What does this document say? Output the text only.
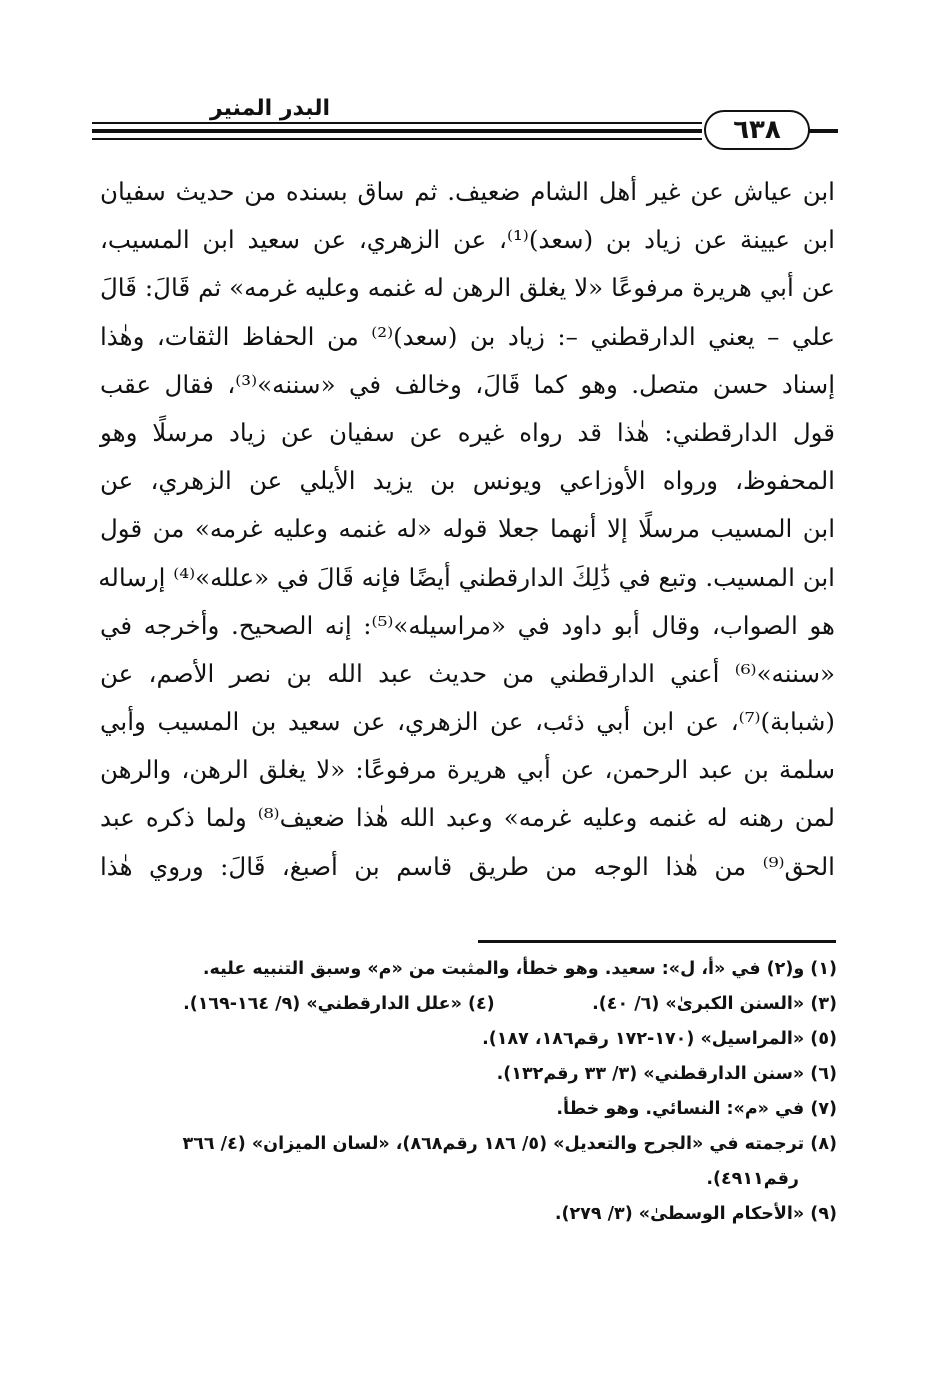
البدر المنير
٦٣٨
ابن عياش عن غير أهل الشام ضعيف. ثم ساق بسنده من حديث سفيان
ابن عيينة عن زياد بن (سعد)⁽¹⁾، عن الزهري، عن سعيد ابن المسيب،
عن أبي هريرة مرفوعًا «لا يغلق الرهن له غنمه وعليه غرمه» ثم قَالَ: قَالَ
علي – يعني الدارقطني –: زياد بن (سعد)⁽²⁾ من الحفاظ الثقات، وهٰذا
إسناد حسن متصل. وهو كما قَالَ، وخالف في «سننه»⁽³⁾، فقال عقب
قول الدارقطني: هٰذا قد رواه غيره عن سفيان عن زياد مرسلًا وهو
المحفوظ، ورواه الأوزاعي ويونس بن يزيد الأيلي عن الزهري، عن
ابن المسيب مرسلًا إلا أنهما جعلا قوله «له غنمه وعليه غرمه» من قول
ابن المسيب. وتبع في ذَٰلِكَ الدارقطني أيضًا فإنه قَالَ في «علله»⁽⁴⁾ إرساله
هو الصواب، وقال أبو داود في «مراسيله»⁽⁵⁾: إنه الصحيح. وأخرجه في
«سننه»⁽⁶⁾ أعني الدارقطني من حديث عبد الله بن نصر الأصم، عن
(شبابة)⁽⁷⁾، عن ابن أبي ذئب، عن الزهري، عن سعيد بن المسيب وأبي
سلمة بن عبد الرحمن، عن أبي هريرة مرفوعًا: «لا يغلق الرهن، والرهن
لمن رهنه له غنمه وعليه غرمه» وعبد الله هٰذا ضعيف⁽⁸⁾ ولما ذكره عبد
الحق⁽⁹⁾ من هٰذا الوجه من طريق قاسم بن أصبغ، قَالَ: وروي هٰذا
(١) و(٢) في «أ، ل»: سعيد. وهو خطأ، والمثبت من «م» وسبق التنبيه عليه.
(٣) «السنن الكبرىٰ» (٦/ ٤٠).                (٤) «علل الدارقطني» (٩/ ١٦٤-١٦٩).
(٥) «المراسيل» (١٧٠-١٧٢ رقم١٨٦، ١٨٧).
(٦) «سنن الدارقطني» (٣/ ٣٣ رقم١٣٢).
(٧) في «م»: النسائي. وهو خطأ.
(٨) ترجمته في «الجرح والتعديل» (٥/ ١٨٦ رقم٨٦٨)، «لسان الميزان» (٤/ ٣٦٦
رقم٤٩١١).
(٩) «الأحكام الوسطىٰ» (٣/ ٢٧٩).
